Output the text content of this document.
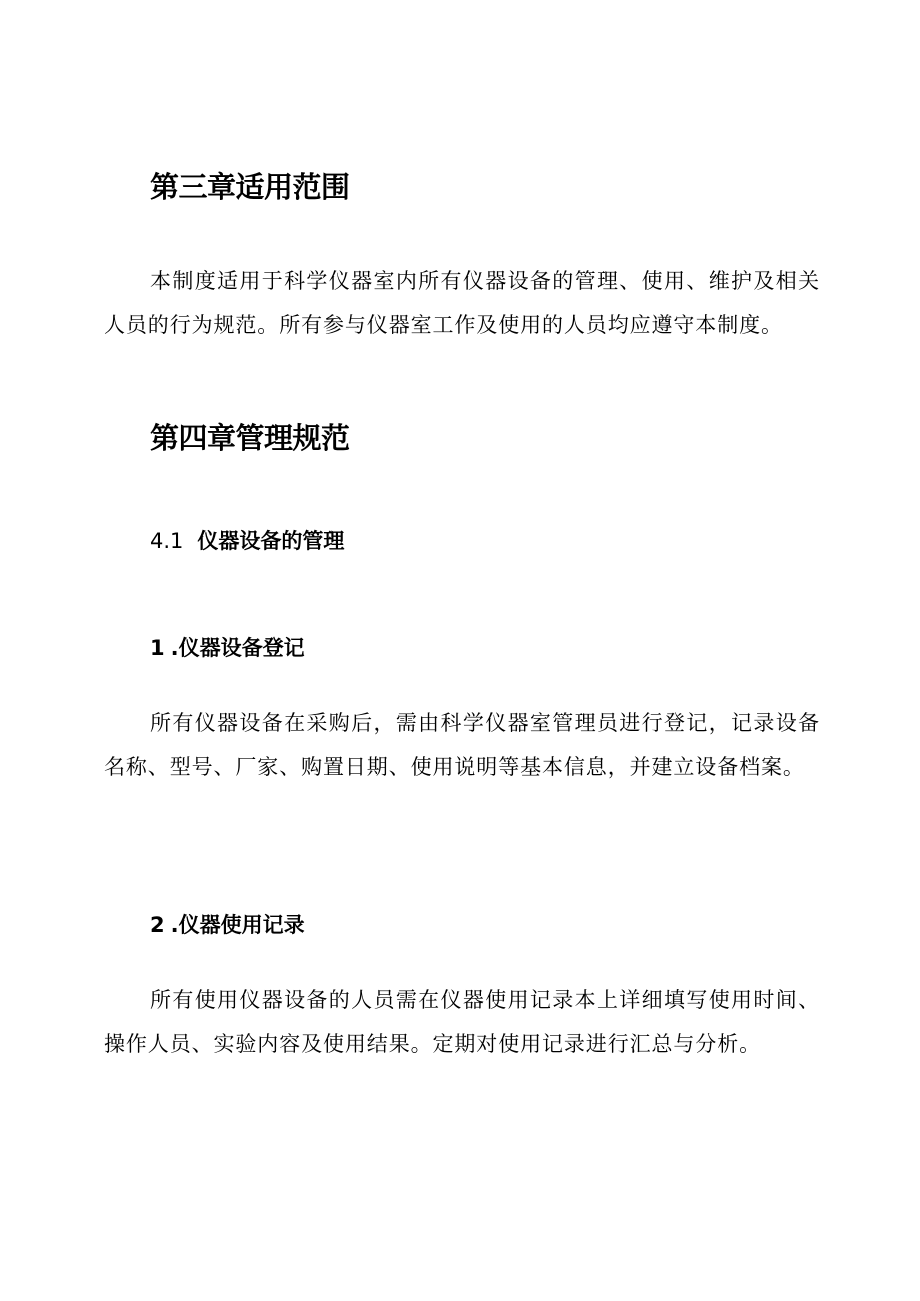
第三章适用范围

本制度适用于科学仪器室内所有仪器设备的管理、使用、维护及相关人员的行为规范。所有参与仪器室工作及使用的人员均应遵守本制度。

第四章管理规范
4.1 仪器设备的管理
1 .仪器设备登记

所有仪器设备在采购后，需由科学仪器室管理员进行登记，记录设备名称、型号、厂家、购置日期、使用说明等基本信息，并建立设备档案。

2 .仪器使用记录

所有使用仪器设备的人员需在仪器使用记录本上详细填写使用时间、操作人员、实验内容及使用结果。定期对使用记录进行汇总与分析。
